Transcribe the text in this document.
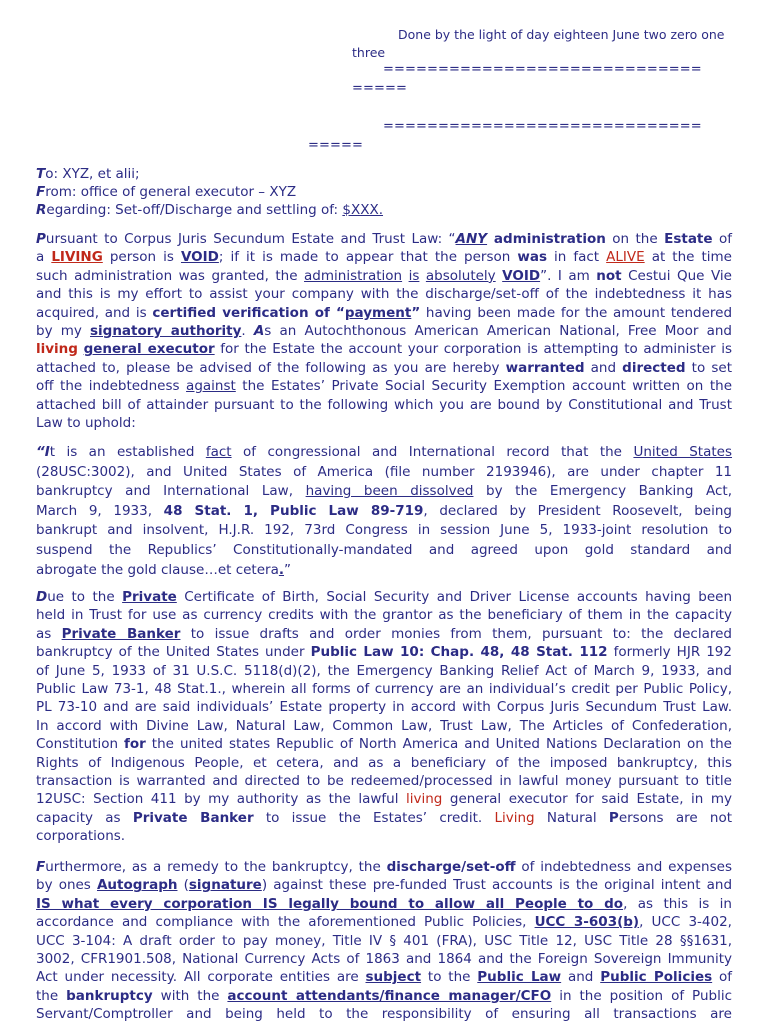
Done by the light of day eighteen June two zero one
three
=============================
=====
=============================
=====
To: XYZ, et alii;
From: office of general executor – XYZ
Regarding: Set-off/Discharge and settling of: $XXX.
Pursuant to Corpus Juris Secundum Estate and Trust Law: “ANY administration on the Estate of
a LIVING person is VOID; if it is made to appear that the person was in fact ALIVE at the time
such administration was granted, the administration is absolutely VOID”. I am not Cestui Que Vie
and this is my effort to assist your company with the discharge/set-off of the indebtedness it has
acquired, and is certified verification of “payment” having been made for the amount tendered
by my signatory authority. As an Autochthonous American American National, Free Moor and
living general executor for the Estate the account your corporation is attempting to administer is
attached to, please be advised of the following as you are hereby warranted and directed to set
off the indebtedness against the Estates’ Private Social Security Exemption account written on the
attached bill of attainder pursuant to the following which you are bound by Constitutional and Trust
Law to uphold:
“It is an established fact of congressional and International record that the United States
(28USC:3002), and United States of America (file number 2193946), are under chapter 11
bankruptcy and International Law, having been dissolved by the Emergency Banking Act,
March 9, 1933, 48 Stat. 1, Public Law 89-719, declared by President Roosevelt, being
bankrupt and insolvent, H.J.R. 192, 73rd Congress in session June 5, 1933-joint resolution to
suspend the Republics’ Constitutionally-mandated and agreed upon gold standard and
abrogate the gold clause…et cetera.”
Due to the Private Certificate of Birth, Social Security and Driver License accounts having been
held in Trust for use as currency credits with the grantor as the beneficiary of them in the capacity
as Private Banker to issue drafts and order monies from them, pursuant to: the declared
bankruptcy of the United States under Public Law 10: Chap. 48, 48 Stat. 112 formerly HJR 192
of June 5, 1933 of 31 U.S.C. 5118(d)(2), the Emergency Banking Relief Act of March 9, 1933, and
Public Law 73-1, 48 Stat.1., wherein all forms of currency are an individual’s credit per Public Policy,
PL 73-10 and are said individuals’ Estate property in accord with Corpus Juris Secundum Trust Law.
In accord with Divine Law, Natural Law, Common Law, Trust Law, The Articles of Confederation,
Constitution for the united states Republic of North America and United Nations Declaration on the
Rights of Indigenous People, et cetera, and as a beneficiary of the imposed bankruptcy, this
transaction is warranted and directed to be redeemed/processed in lawful money pursuant to title
12USC: Section 411 by my authority as the lawful living general executor for said Estate, in my
capacity as Private Banker to issue the Estates’ credit. Living Natural Persons are not
corporations.
Furthermore, as a remedy to the bankruptcy, the discharge/set-off of indebtedness and expenses
by ones Autograph (signature) against these pre-funded Trust accounts is the original intent and
IS what every corporation IS legally bound to allow all People to do, as this is in
accordance and compliance with the aforementioned Public Policies, UCC 3-603(b), UCC 3-402,
UCC 3-104: A draft order to pay money, Title IV § 401 (FRA), USC Title 12, USC Title 28 §§1631,
3002, CFR1901.508, National Currency Acts of 1863 and 1864 and the Foreign Sovereign Immunity
Act under necessity. All corporate entities are subject to the Public Law and Public Policies of
the bankruptcy with the account attendants/finance manager/CFO in the position of Public
Servant/Comptroller and being held to the responsibility of ensuring all transactions are
